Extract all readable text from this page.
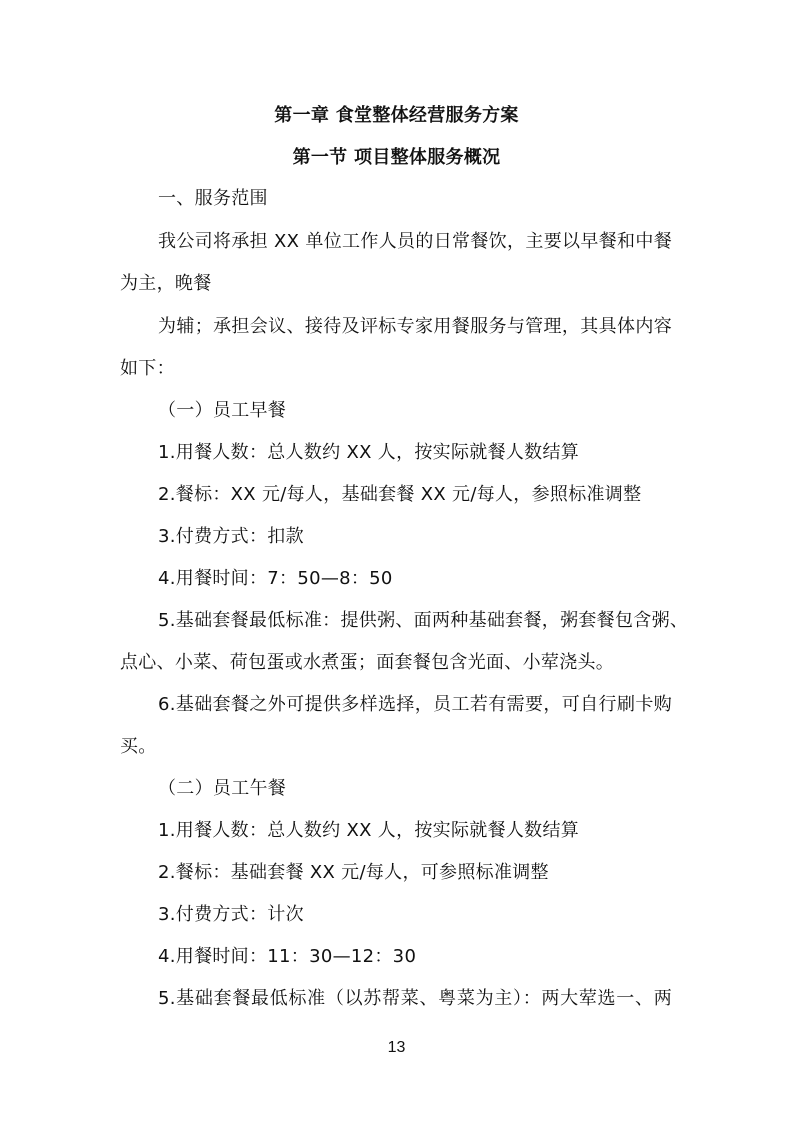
第一章 食堂整体经营服务方案
第一节 项目整体服务概况
一、服务范围
我公司将承担 XX 单位工作人员的日常餐饮，主要以早餐和中餐
为主，晚餐
为辅；承担会议、接待及评标专家用餐服务与管理，其具体内容
如下：
（一）员工早餐
1.用餐人数：总人数约 XX 人，按实际就餐人数结算
2.餐标：XX 元/每人，基础套餐 XX 元/每人，参照标准调整
3.付费方式：扣款
4.用餐时间：7：50—8：50
5.基础套餐最低标准：提供粥、面两种基础套餐，粥套餐包含粥、
点心、小菜、荷包蛋或水煮蛋；面套餐包含光面、小荤浇头。
6.基础套餐之外可提供多样选择，员工若有需要，可自行刷卡购
买。
（二）员工午餐
1.用餐人数：总人数约 XX 人，按实际就餐人数结算
2.餐标：基础套餐 XX 元/每人，可参照标准调整
3.付费方式：计次
4.用餐时间：11：30—12：30
5.基础套餐最低标准（以苏帮菜、粤菜为主）：两大荤选一、两
13
